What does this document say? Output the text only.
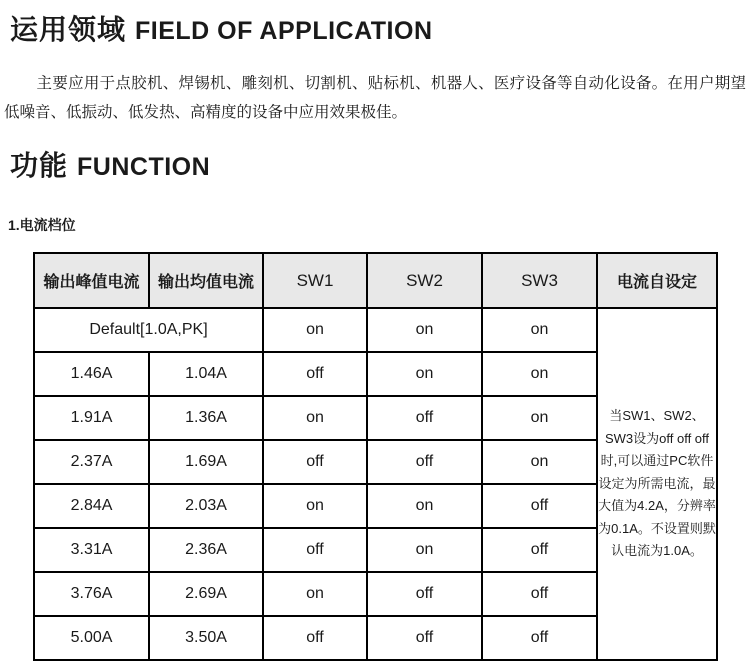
运用领域 FIELD OF APPLICATION
主要应用于点胶机、焊锡机、雕刻机、切割机、贴标机、机器人、医疗设备等自动化设备。在用户期望低噪音、低振动、低发热、高精度的设备中应用效果极佳。
功能 FUNCTION
1.电流档位
输出峰值电流	输出均值电流	SW1	SW2	SW3	电流自设定
Default[1.0A,PK]		on	on	on	当SW1、SW2、SW3设为off off off时,可以通过PC软件设定为所需电流，最大值为4.2A，分辨率为0.1A。不设置则默认电流为1.0A。
1.46A	1.04A	off	on	on	
1.91A	1.36A	on	off	on	
2.37A	1.69A	off	off	on	
2.84A	2.03A	on	on	off	
3.31A	2.36A	off	on	off	
3.76A	2.69A	on	off	off	
5.00A	3.50A	off	off	off	
